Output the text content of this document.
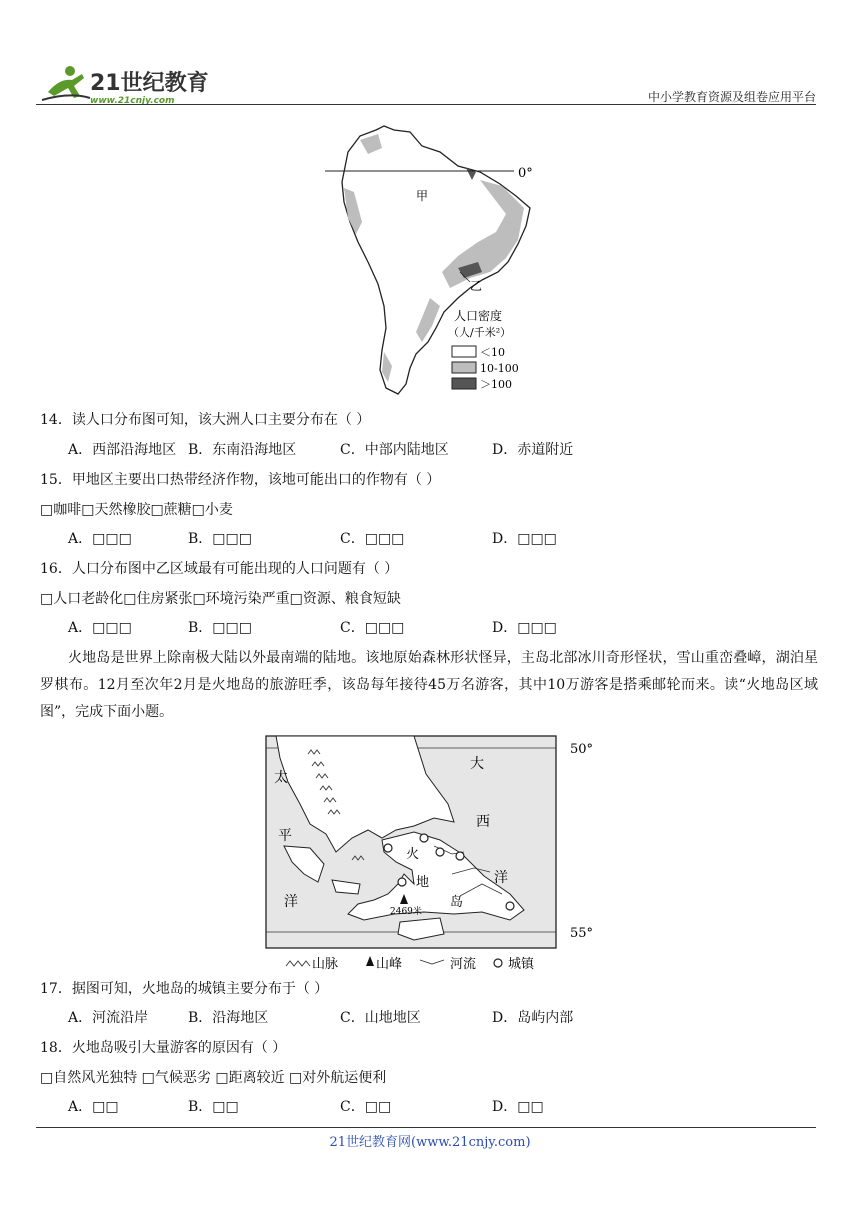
21世纪教育
www.21cnjy.com	中小学教育资源及组卷应用平台
0°
甲
乙
人口密度
（人/千米²）
＜10
10-100
＞100
14．读人口分布图可知，该大洲人口主要分布在（ ）
A．西部沿海地区 B．东南沿海地区	C．中部内陆地区	D．赤道附近
15．甲地区主要出口热带经济作物，该地可能出口的作物有（ ）
□咖啡□天然橡胶□蔗糖□小麦
A．□□□	B．□□□	C．□□□	D．□□□
16．人口分布图中乙区域最有可能出现的人口问题有（ ）
□人口老龄化□住房紧张□环境污染严重□资源、粮食短缺
A．□□□	B．□□□	C．□□□	D．□□□
火地岛是世界上除南极大陆以外最南端的陆地。该地原始森林形状怪异，主岛北部冰川奇形怪状，雪山重峦叠嶂，湖泊星罗棋布。12月至次年2月是火地岛的旅游旺季，该岛每年接待45万名游客，其中10万游客是搭乘邮轮而来。读“火地岛区域图”，完成下面小题。
2469米
太
平
洋
大
西
洋
火
地
岛
50°
55°
山脉	山峰	河流 城镇
17．据图可知，火地岛的城镇主要分布于（ ）
A．河流沿岸	B．沿海地区	C．山地地区	D．岛屿内部
18．火地岛吸引大量游客的原因有（ ）
□自然风光独特 □气候恶劣 □距离较近 □对外航运便利
A．□□	B．□□	C．□□	D．□□
21世纪教育网(www.21cnjy.com)
